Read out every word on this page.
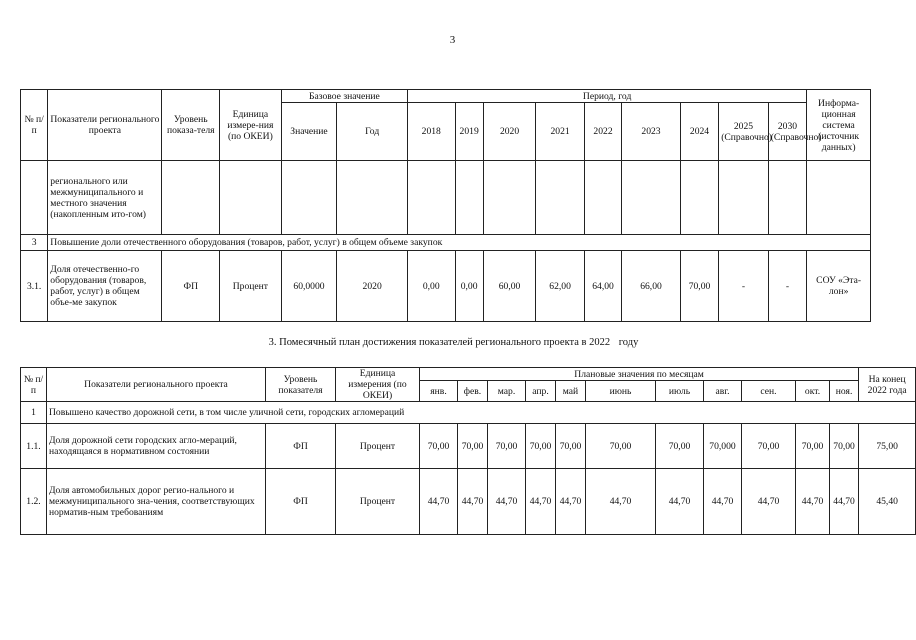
3
№ п/п	Показатели регионального проекта	Уровень показа-теля	Единица измере-ния (по ОКЕИ)	Базовое значение		Период, год									Информа-ционная система (источник данных)
				Значение	Год	2018	2019	2020	2021	2022	2023	2024	2025 (Справочно)	2030 (Справочно)	
	регионального или межмуниципального и местного значения (накопленным ито-гом)														
3	Повышение доли отечественного оборудования (товаров, работ, услуг) в общем объеме закупок														
3.1.	Доля отечественно-го оборудования (товаров, работ, услуг) в общем объе-ме закупок	ФП	Процент	60,0000	2020	0,00	0,00	60,00	62,00	64,00	66,00	70,00	-	-	СОУ «Эта-лон»
3. Помесячный план достижения показателей регионального проекта в 2022 году
№ п/п	Показатели регионального проекта	Уровень показателя	Единица измерения (по ОКЕИ)	Плановые значения по месяцам											На конец 2022 года
				янв.	фев.	мар.	апр.	май	июнь	июль	авг.	сен.	окт.	ноя.	
1	Повышено качество дорожной сети, в том числе уличной сети, городских агломераций														
1.1.	Доля дорожной сети городских агло-мераций, находящаяся в нормативном состоянии	ФП	Процент	70,00	70,00	70,00	70,00	70,00	70,00	70,00	70,000	70,00	70,00	70,00	75,00
1.2.	Доля автомобильных дорог регио-нального и межмуниципального зна-чения, соответствующих норматив-ным требованиям	ФП	Процент	44,70	44,70	44,70	44,70	44,70	44,70	44,70	44,70	44,70	44,70	44,70	45,40
